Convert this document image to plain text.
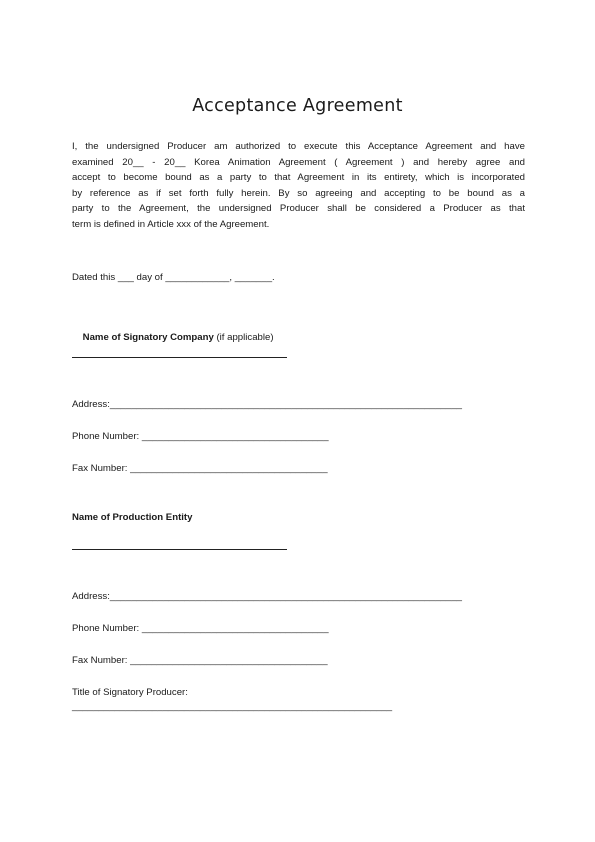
Acceptance Agreement

I, the undersigned Producer am authorized to execute this Acceptance Agreement and have
examined 20__ - 20__ Korea Animation Agreement ( Agreement ) and hereby agree and
accept to become bound as a party to that Agreement in its entirety, which is incorporated
by reference as if set forth fully herein. By so agreeing and accepting to be bound as a
party to the Agreement, the undersigned Producer shall be considered a Producer as that
term is defined in Article xxx of the Agreement.

Dated this ___ day of ____________, _______.

Name of Signatory Company (if applicable)

Address:__________________________________________________________________
Phone Number: ___________________________________
Fax Number: _____________________________________
Name of Production Entity
Address:__________________________________________________________________
Phone Number: ___________________________________
Fax Number: _____________________________________
Title of Signatory Producer:
____________________________________________________________
